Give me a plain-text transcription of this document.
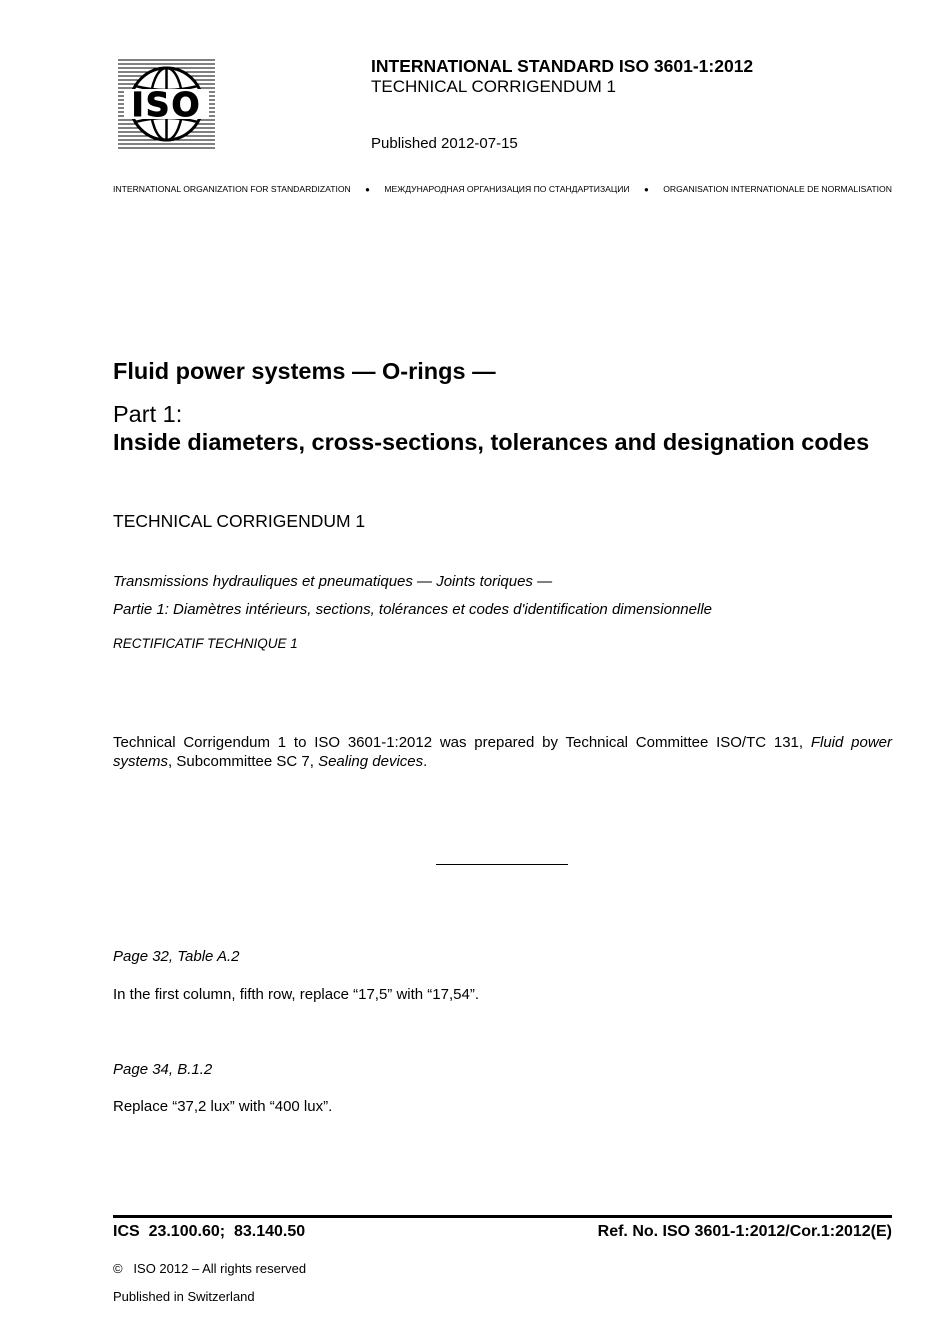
ISO
INTERNATIONAL STANDARD ISO 3601-1:2012
TECHNICAL CORRIGENDUM 1
Published 2012-07-15
INTERNATIONAL ORGANIZATION FOR STANDARDIZATION ● МЕЖДУНАРОДНАЯ ОРГАНИЗАЦИЯ ПО СТАНДАРТИЗАЦИИ ● ORGANISATION INTERNATIONALE DE NORMALISATION
Fluid power systems — O-rings —
Part 1:
Inside diameters, cross-sections, tolerances and designation codes
TECHNICAL CORRIGENDUM 1
Transmissions hydrauliques et pneumatiques — Joints toriques —
Partie 1: Diamètres intérieurs, sections, tolérances et codes d'identification dimensionnelle
RECTIFICATIF TECHNIQUE 1
Technical Corrigendum 1 to ISO 3601-1:2012 was prepared by Technical Committee ISO/TC 131, Fluid power systems, Subcommittee SC 7, Sealing devices.
Page 32, Table A.2
In the first column, fifth row, replace “17,5” with “17,54”.
Page 34, B.1.2
Replace “37,2 lux” with “400 lux”.
ICS  23.100.60;  83.140.50	Ref. No. ISO 3601-1:2012/Cor.1:2012(E)
©   ISO 2012 – All rights reserved
Published in Switzerland
